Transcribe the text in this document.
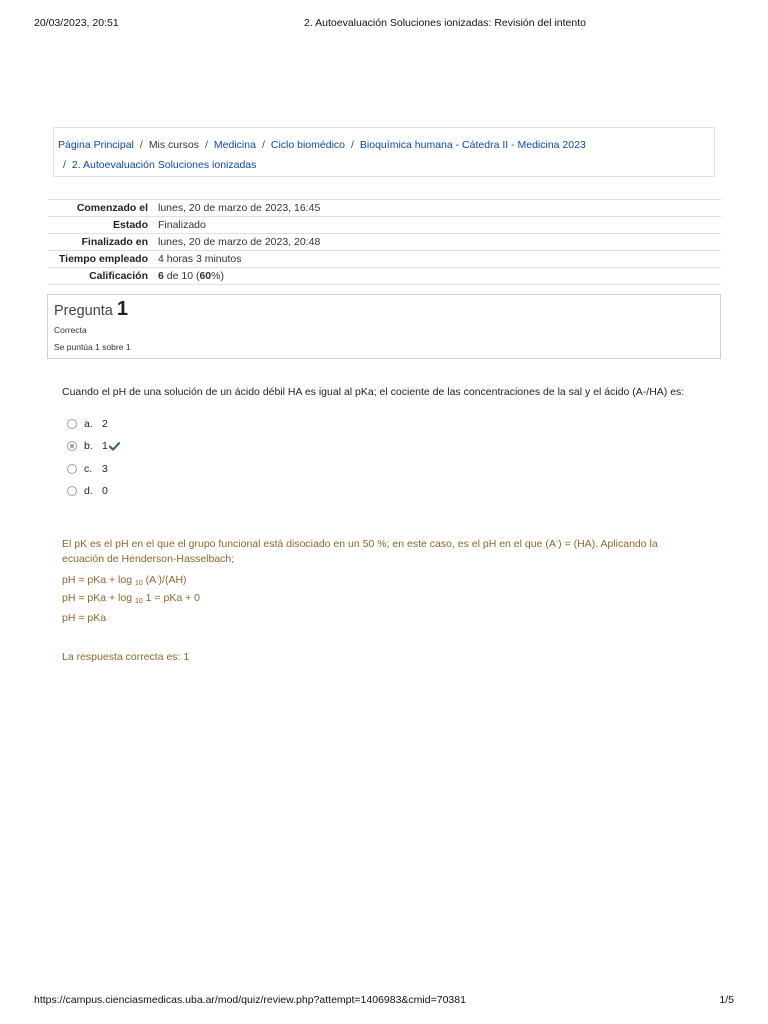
20/03/2023, 20:51	2. Autoevaluación Soluciones ionizadas: Revisión del intento
Página Principal / Mis cursos / Medicina / Ciclo biomédico / Bioquímica humana - Cátedra II - Medicina 2023
/ 2. Autoevaluación Soluciones ionizadas
Comenzado el	lunes, 20 de marzo de 2023, 16:45
Estado	Finalizado
Finalizado en	lunes, 20 de marzo de 2023, 20:48
Tiempo empleado	4 horas 3 minutos
Calificación	6 de 10 (60%)
Pregunta 1
Correcta
Se puntúa 1 sobre 1
Cuando el pH de una solución de un ácido débil HA es igual al pKa; el cociente de las concentraciones de la sal y el ácido (A-/HA) es:
a. 2
b. 1
c. 3
d. 0

El pK es el pH en el que el grupo funcional está disociado en un 50 %; en este caso, es el pH en el que (A-) = (HA). Aplicando la ecuación de Henderson-Hasselbach;

pH = pKa + log $_{10}$ (A-)/(AH)

pH = pKa + log $_{10}$ 1 = pKa + 0

pH = pKa

La respuesta correcta es: 1

https://campus.cienciasmedicas.uba.ar/mod/quiz/review.php?attempt=1406983&cmid=70381	1/5
